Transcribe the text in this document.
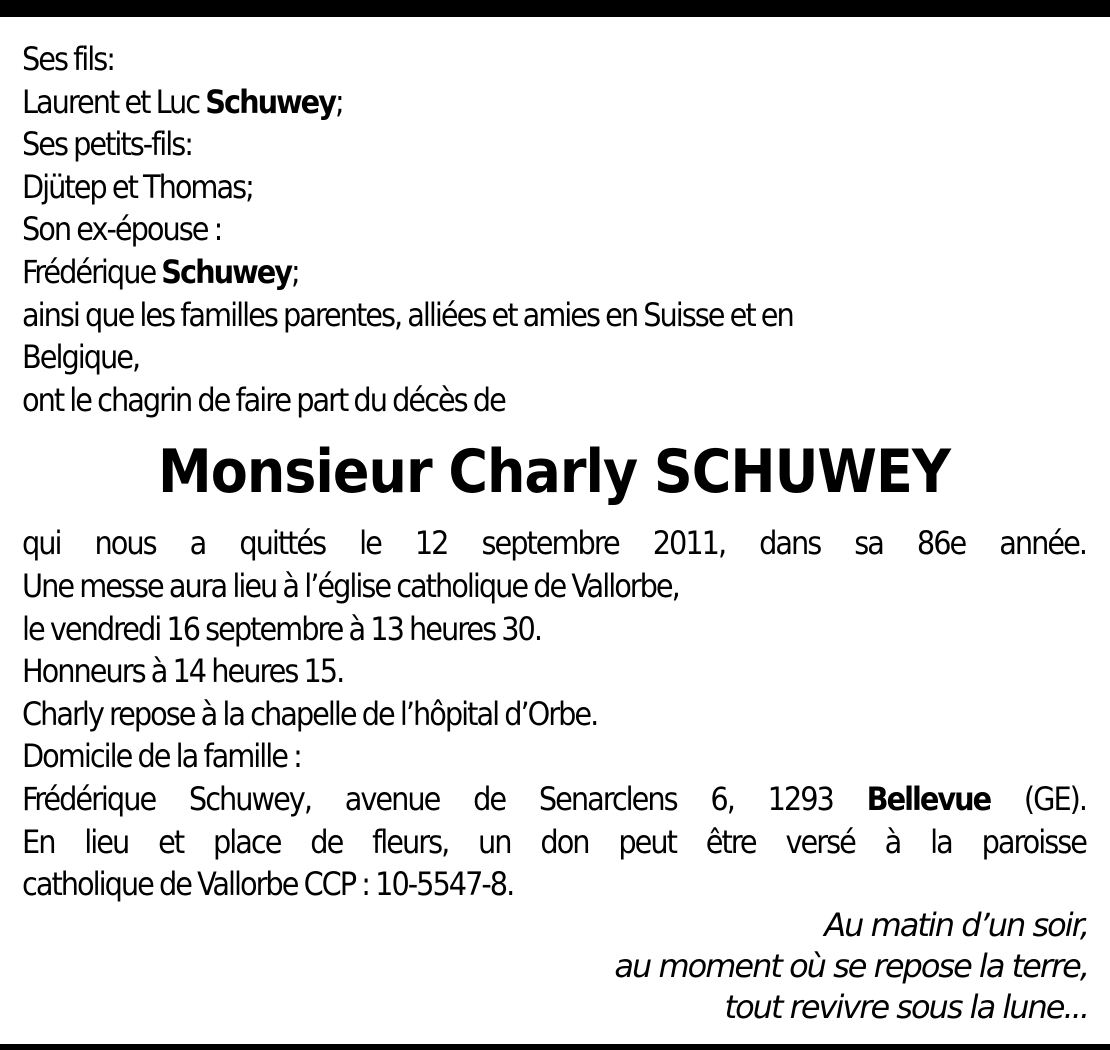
Ses fils:
Laurent et Luc Schuwey;
Ses petits-fils:
Djütep et Thomas;
Son ex-épouse :
Frédérique Schuwey;
ainsi que les familles parentes, alliées et amies en Suisse et en
Belgique,
ont le chagrin de faire part du décès de
Monsieur Charly SCHUWEY
qui nous a quittés le 12 septembre 2011, dans sa 86e année.
Une messe aura lieu à l’église catholique de Vallorbe,
le vendredi 16 septembre à 13 heures 30.
Honneurs à 14 heures 15.
Charly repose à la chapelle de l’hôpital d’Orbe.
Domicile de la famille :
Frédérique Schuwey, avenue de Senarclens 6, 1293 Bellevue (GE).
En lieu et place de fleurs, un don peut être versé à la paroisse
catholique de Vallorbe CCP : 10-5547-8.
Au matin d’un soir,
au moment où se repose la terre,
tout revivre sous la lune...
